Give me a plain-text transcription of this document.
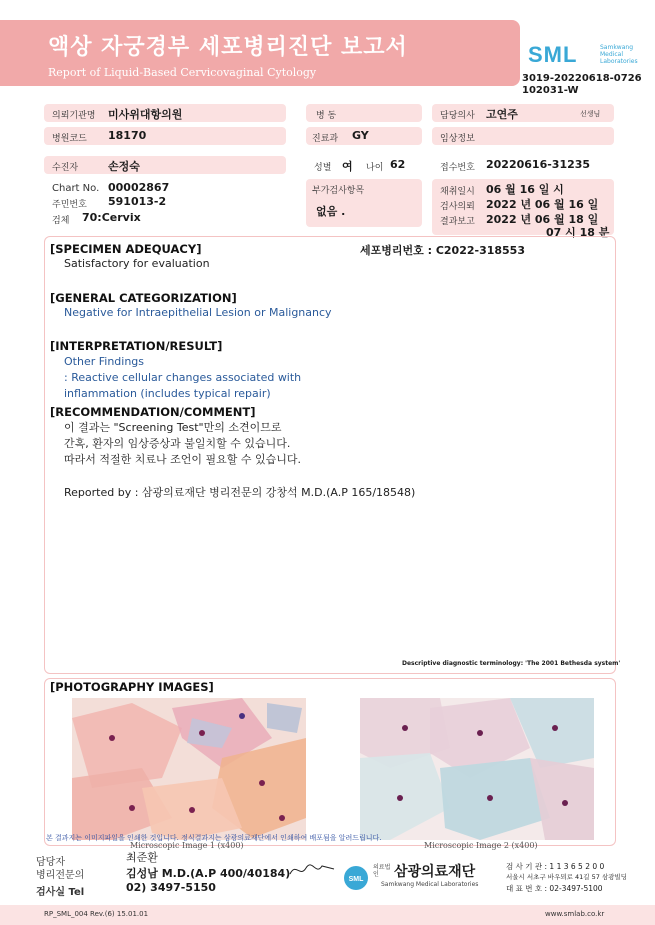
액상 자궁경부 세포병리진단 보고서
Report of Liquid-Based Cervicovaginal Cytology
SML	Samkwang Medical Laboratories
3019-20220618-0726
102031-W
의뢰기관명 미사위대항의원	병 동	담당의사 고연주	선생님
병원코드 18170	진료과 GY	임상정보
수진자	손정숙	성별 여 나이 62	접수번호 20220616-31235
Chart No. 00002867
주민번호 591013-2
검체 70:Cervix
부가검사항목
없음 .
채취일시 06 월 16 일 시
검사의뢰 2022 년 06 월 16 일
결과보고 2022 년 06 월 18 일
07 시 18 분
[SPECIMEN ADEQUACY]	세포병리번호 : C2022-318553
Satisfactory for evaluation
[GENERAL CATEGORIZATION]
Negative for Intraepithelial Lesion or Malignancy
[INTERPRETATION/RESULT]
Other Findings
: Reactive cellular changes associated with
inflammation (includes typical repair)
[RECOMMENDATION/COMMENT]
이 결과는 "Screening Test"만의 소견이므로
간혹, 환자의 임상증상과 불일치할 수 있습니다.
따라서 적절한 치료나 조언이 필요할 수 있습니다.
Reported by : 삼광의료재단 병리전문의 강창석 M.D.(A.P 165/18548)
Descriptive diagnostic terminology: 'The 2001 Bethesda system'
[PHOTOGRAPHY IMAGES]
본 결과지는 이미지파일을 인쇄한 것입니다. 정식결과지는 삼광의료재단에서 인쇄하여 배포됨을 알려드립니다.
Microscopic Image 1 (x400)	Microscopic Image 2 (x400)
담당자	최준환
병리전문의	김성남 M.D.(A.P 400/40184)
검사실 Tel	02) 3497-5150
SML
의료법인	삼광의료재단
Samkwang Medical Laboratories
검 사 기 관 : 1 1 3 6 5 2 0 0
서울시 서초구 바우뫼로 41길 57 삼광빌딩
대 표 번 호 : 02-3497-5100
RP_SML_004 Rev.(6) 15.01.01	www.smlab.co.kr
